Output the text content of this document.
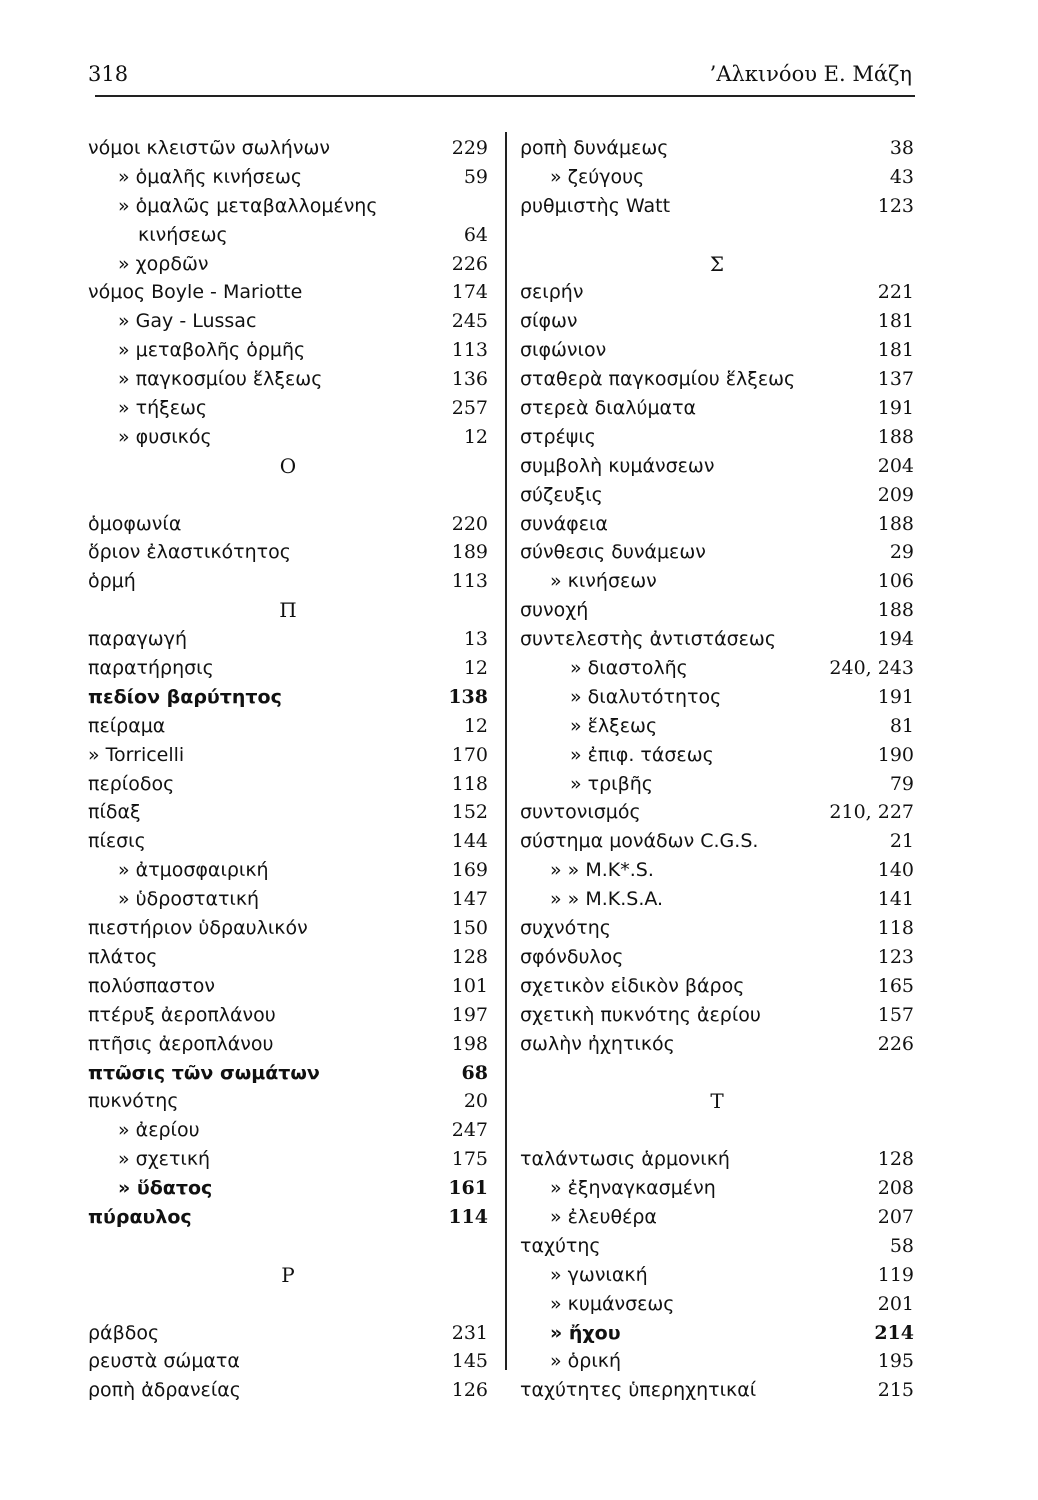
318	’Αλκινόου Ε. Μάζη
νόμοι κλειστῶν σωλήνων	229
» ὁμαλῆς κινήσεως	59
» ὁμαλῶς μεταβαλλομένης
κινήσεως	64
» χορδῶν	226
νόμος Boyle - Mariotte	174
» Gay - Lussac	245
» μεταβολῆς ὁρμῆς	113
» παγκοσμίου ἕλξεως	136
» τήξεως	257
» φυσικός	12
Ο
ὁμοφωνία	220
ὅριον ἐλαστικότητος	189
ὁρμή	113
Π
παραγωγή	13
παρατήρησις	12
πεδίον βαρύτητος	138
πείραμα	12
» Torricelli	170
περίοδος	118
πίδαξ	152
πίεσις	144
» ἀτμοσφαιρική	169
» ὑδροστατική	147
πιεστήριον ὑδραυλικόν	150
πλάτος	128
πολύσπαστον	101
πτέρυξ ἀεροπλάνου	197
πτῆσις ἀεροπλάνου	198
πτῶσις τῶν σωμάτων	68
πυκνότης	20
» ἀερίου	247
» σχετική	175
» ὕδατος	161
πύραυλος	114
Ρ
ράβδος	231
ρευστὰ σώματα	145
ροπὴ ἀδρανείας	126
ροπὴ δυνάμεως	38
» ζεύγους	43
ρυθμιστὴς Watt	123
Σ
σειρήν	221
σίφων	181
σιφώνιον	181
σταθερὰ παγκοσμίου ἕλξεως	137
στερεὰ διαλύματα	191
στρέψις	188
συμβολὴ κυμάνσεων	204
σύζευξις	209
συνάφεια	188
σύνθεσις δυνάμεων	29
» κινήσεων	106
συνοχή	188
συντελεστὴς ἀντιστάσεως	194
» διαστολῆς	240, 243
» διαλυτότητος	191
» ἕλξεως	81
» ἐπιφ. τάσεως	190
» τριβῆς	79
συντονισμός	210, 227
σύστημα μονάδων C.G.S.	21
» » M.K*.S.	140
» » M.K.S.A.	141
συχνότης	118
σφόνδυλος	123
σχετικὸν εἰδικὸν βάρος	165
σχετικὴ πυκνότης ἀερίου	157
σωλὴν ἠχητικός	226
Τ
ταλάντωσις ἁρμονική	128
» ἐξηναγκασμένη	208
» ἐλευθέρα	207
ταχύτης	58
» γωνιακή	119
» κυμάνσεως	201
» ἤχου	214
» ὁρική	195
ταχύτητες ὑπερηχητικαί	215
